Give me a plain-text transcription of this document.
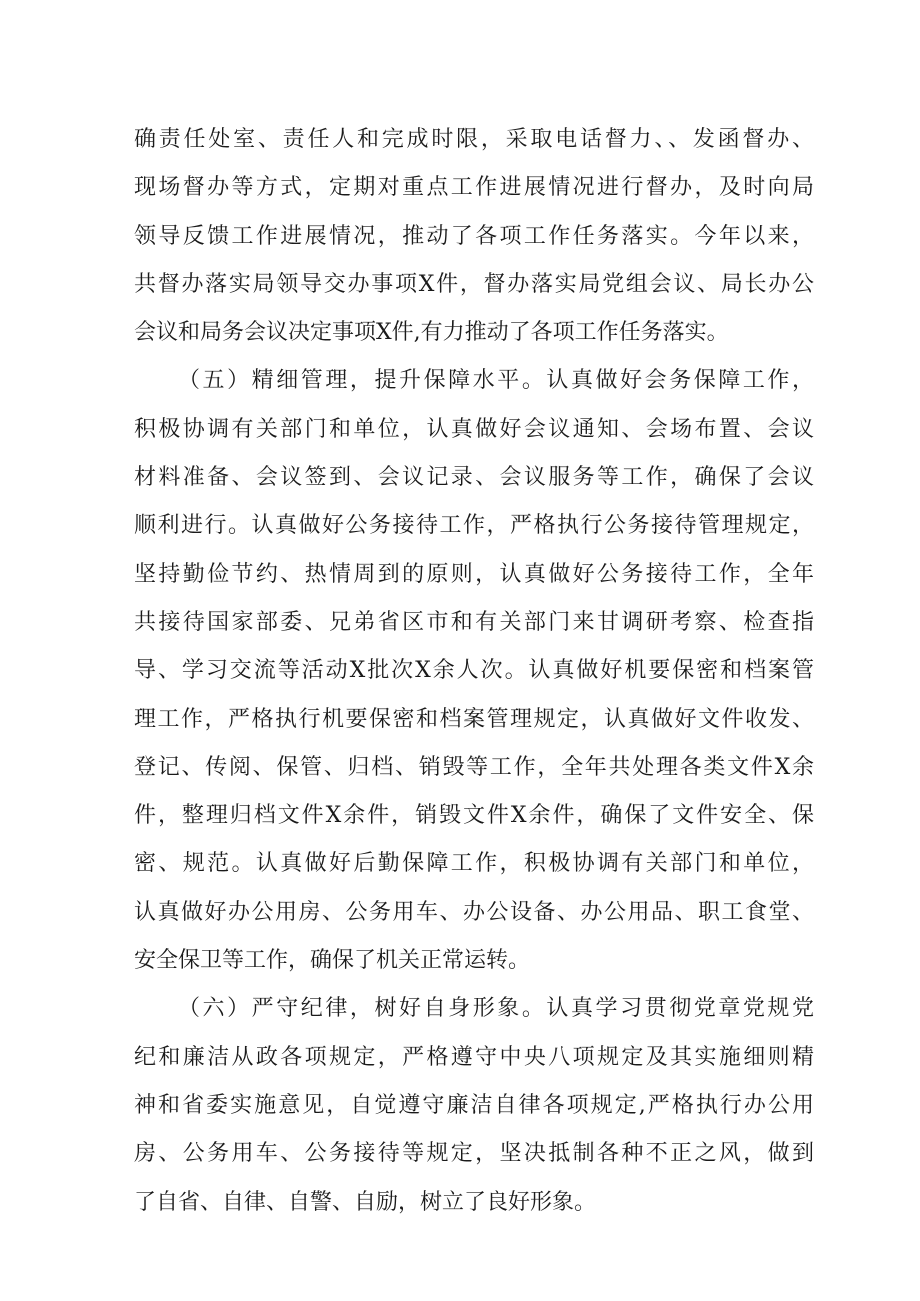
确责任处室、责任人和完成时限，采取电话督力、、发函督办、
现场督办等方式，定期对重点工作进展情况进行督办，及时向局
领导反馈工作进展情况，推动了各项工作任务落实。今年以来，
共督办落实局领导交办事项X件，督办落实局党组会议、局长办公
会议和局务会议决定事项X件,有力推动了各项工作任务落实。
（五）精细管理，提升保障水平。认真做好会务保障工作，
积极协调有关部门和单位，认真做好会议通知、会场布置、会议
材料准备、会议签到、会议记录、会议服务等工作，确保了会议
顺利进行。认真做好公务接待工作，严格执行公务接待管理规定，
坚持勤俭节约、热情周到的原则，认真做好公务接待工作，全年
共接待国家部委、兄弟省区市和有关部门来甘调研考察、检查指
导、学习交流等活动X批次X余人次。认真做好机要保密和档案管
理工作，严格执行机要保密和档案管理规定，认真做好文件收发、
登记、传阅、保管、归档、销毁等工作，全年共处理各类文件X余
件，整理归档文件X余件，销毁文件X余件，确保了文件安全、保
密、规范。认真做好后勤保障工作，积极协调有关部门和单位，
认真做好办公用房、公务用车、办公设备、办公用品、职工食堂、
安全保卫等工作，确保了机关正常运转。
（六）严守纪律，树好自身形象。认真学习贯彻党章党规党
纪和廉洁从政各项规定，严格遵守中央八项规定及其实施细则精
神和省委实施意见，自觉遵守廉洁自律各项规定,严格执行办公用
房、公务用车、公务接待等规定，坚决抵制各种不正之风，做到
了自省、自律、自警、自励，树立了良好形象。
